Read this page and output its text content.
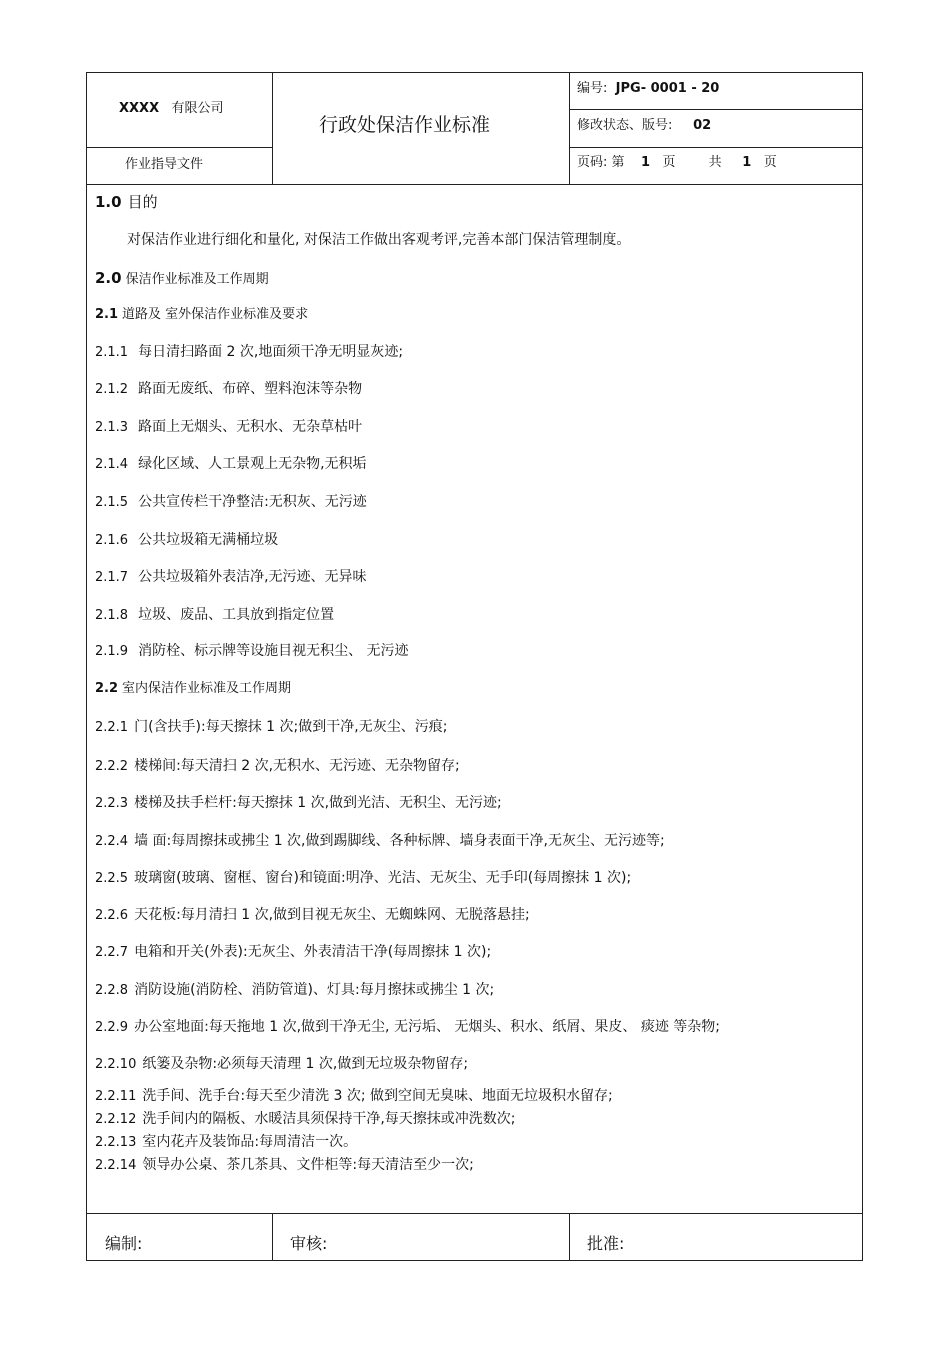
XXXX 有限公司
作业指导文件
行政处保洁作业标准
编号: JPG- 0001 - 20
修改状态、版号: 02
页码: 第 1 页	共 1 页
1.0 目的
对保洁作业进行细化和量化, 对保洁工作做出客观考评,完善本部门保洁管理制度。
2.0 保洁作业标准及工作周期
2.1 道路及 室外保洁作业标准及要求
2.1.1 每日清扫路面 2 次,地面须干净无明显灰迹;
2.1.2 路面无废纸、布碎、塑料泡沫等杂物
2.1.3 路面上无烟头、无积水、无杂草枯叶
2.1.4 绿化区域、人工景观上无杂物,无积垢
2.1.5 公共宣传栏干净整洁:无积灰、无污迹
2.1.6 公共垃圾箱无满桶垃圾
2.1.7 公共垃圾箱外表洁净,无污迹、无异味
2.1.8 垃圾、废品、工具放到指定位置
2.1.9 消防栓、标示牌等设施目视无积尘、 无污迹
2.2 室内保洁作业标准及工作周期
2.2.1 门(含扶手):每天擦抹 1 次;做到干净,无灰尘、污痕;
2.2.2 楼梯间:每天清扫 2 次,无积水、无污迹、无杂物留存;
2.2.3 楼梯及扶手栏杆:每天擦抹 1 次,做到光洁、无积尘、无污迹;
2.2.4 墙 面:每周擦抹或拂尘 1 次,做到踢脚线、各种标牌、墙身表面干净,无灰尘、无污迹等;
2.2.5 玻璃窗(玻璃、窗框、窗台)和镜面:明净、光洁、无灰尘、无手印(每周擦抹 1 次);
2.2.6 天花板:每月清扫 1 次,做到目视无灰尘、无蜘蛛网、无脱落悬挂;
2.2.7 电箱和开关(外表):无灰尘、外表清洁干净(每周擦抹 1 次);
2.2.8 消防设施(消防栓、消防管道)、灯具:每月擦抹或拂尘 1 次;
2.2.9 办公室地面:每天拖地 1 次,做到干净无尘, 无污垢、 无烟头、积水、纸屑、果皮、 痰迹 等杂物;
2.2.10 纸篓及杂物:必须每天清理 1 次,做到无垃圾杂物留存;
2.2.11 洗手间、洗手台:每天至少清洗 3 次; 做到空间无臭味、地面无垃圾积水留存;
2.2.12 洗手间内的隔板、水暖洁具须保持干净,每天擦抹或冲洗数次;
2.2.13 室内花卉及装饰品:每周清洁一次。
2.2.14 领导办公桌、茶几茶具、文件柜等:每天清洁至少一次;
编制:	审核:	批准:
